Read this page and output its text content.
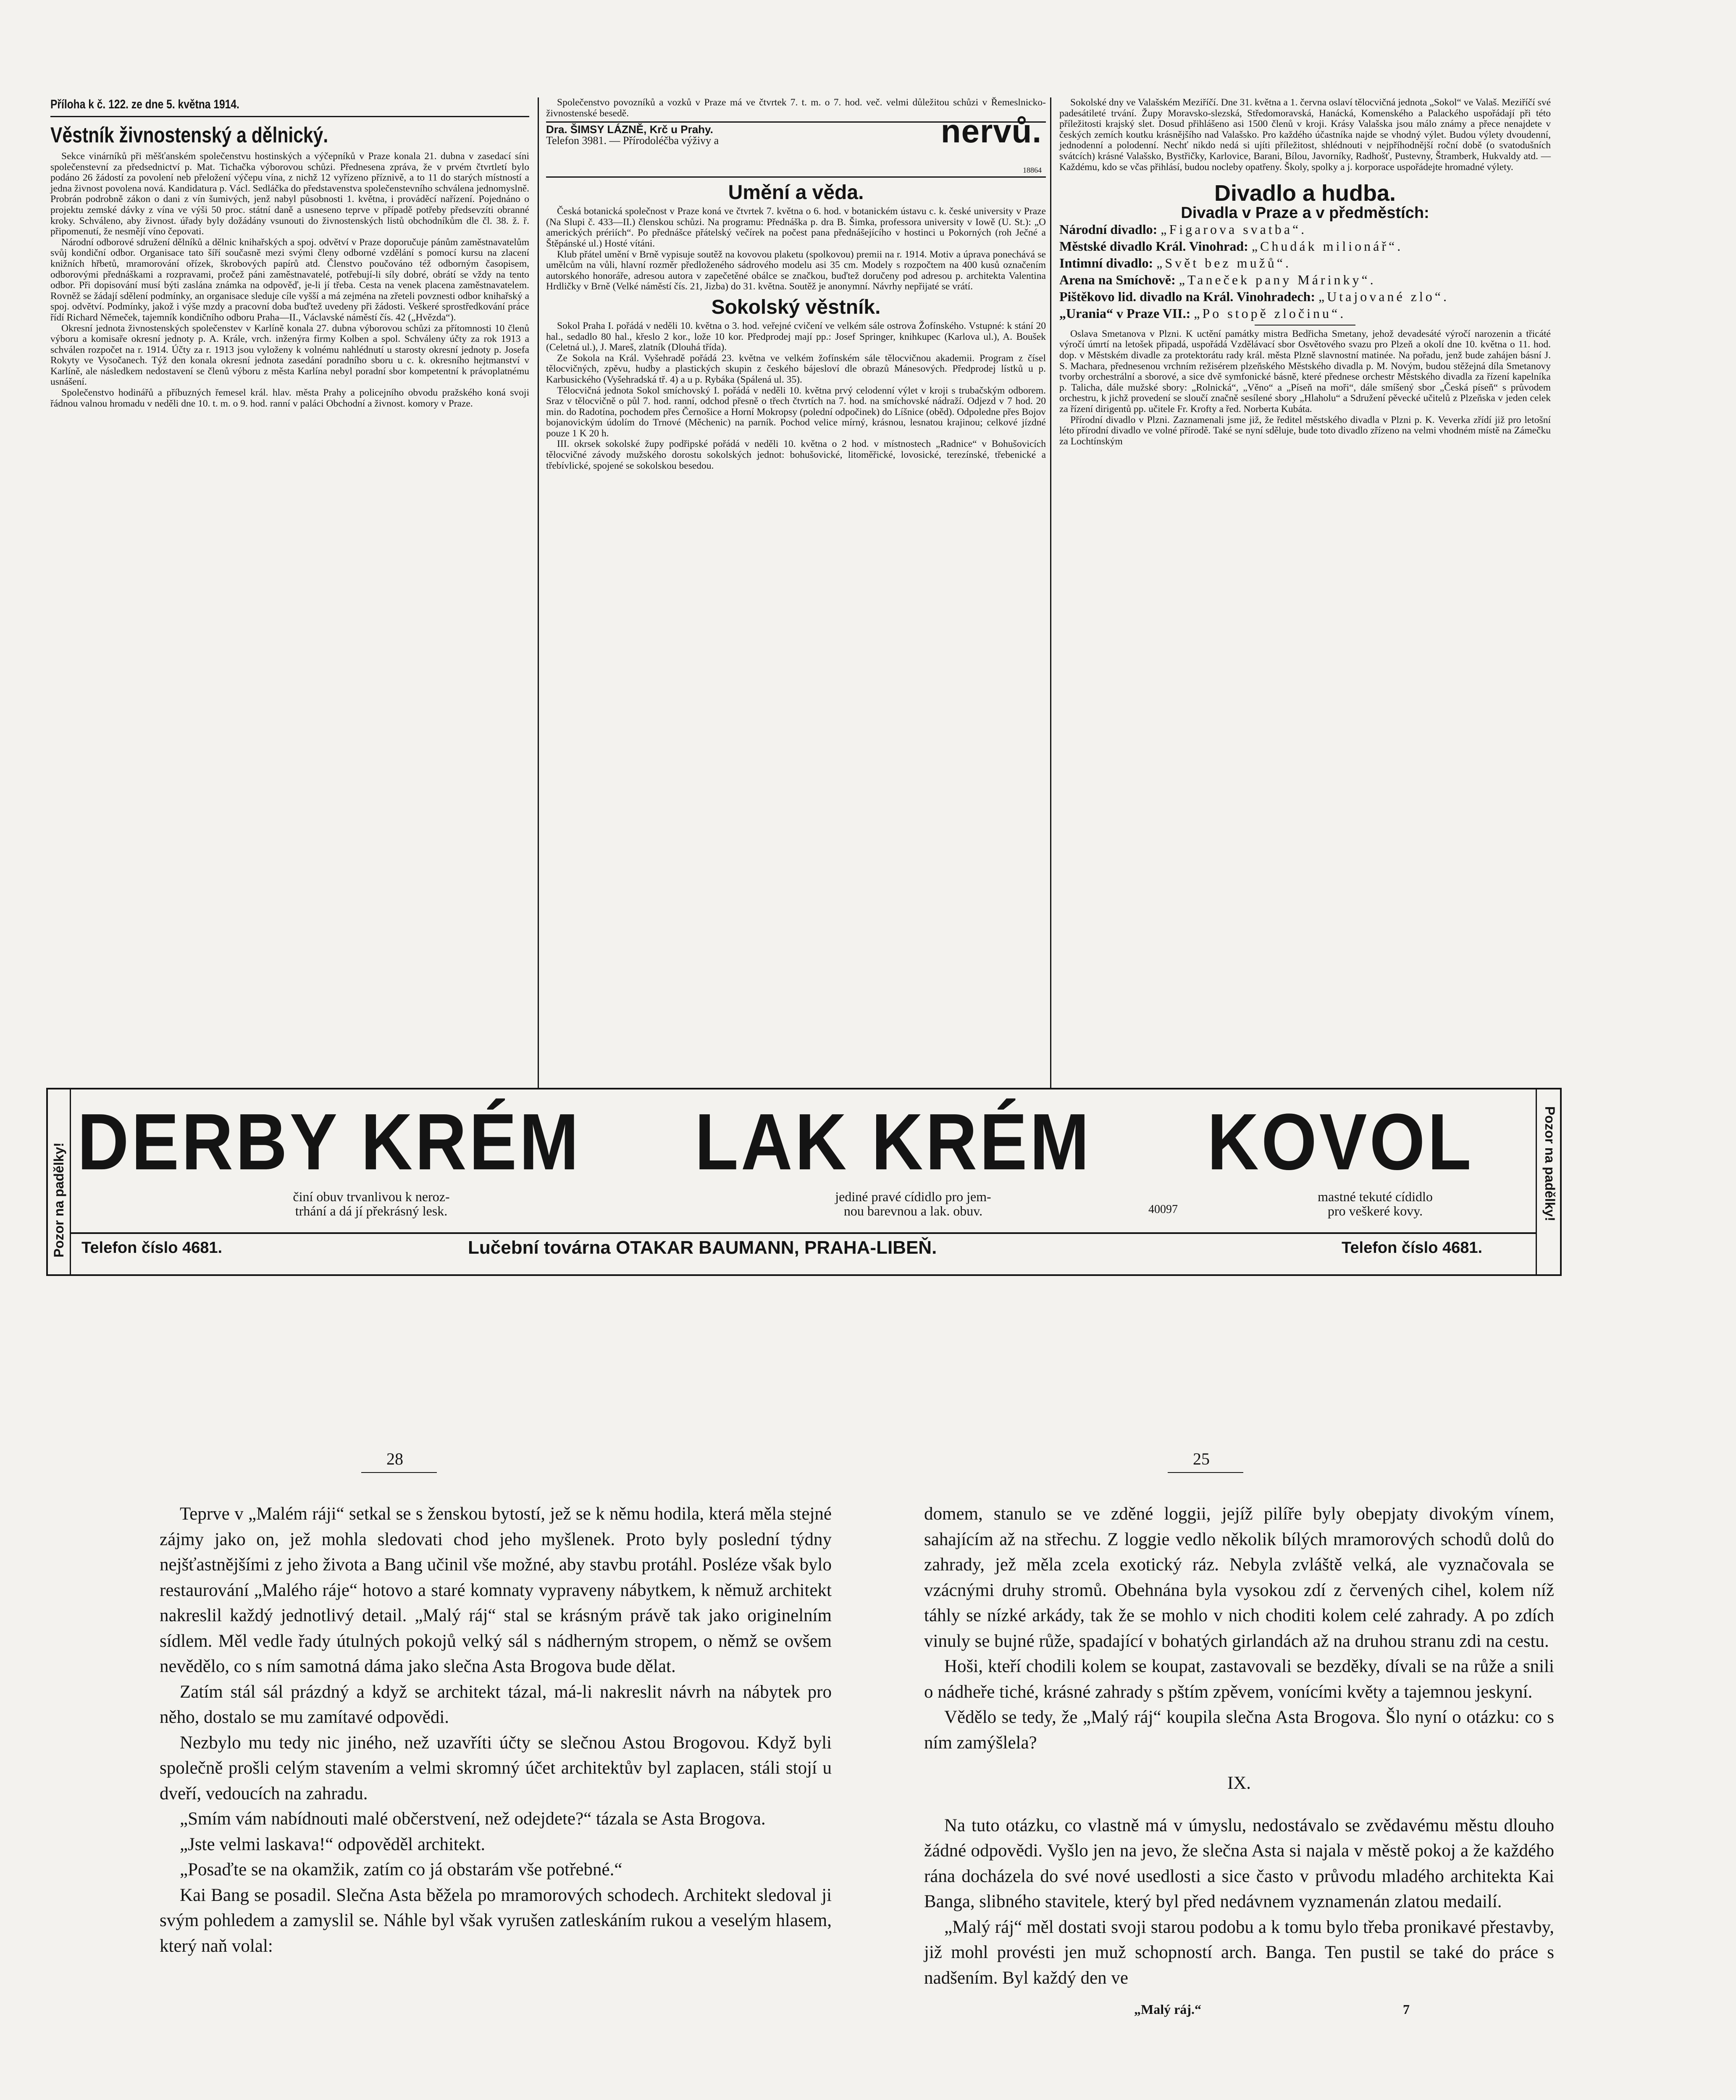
Příloha k č. 122. ze dne 5. května 1914.
Věstník živnostenský a dělnický.

Sekce vinárníků při měšťanském společenstvu hostinských a výčepníků v Praze konala 21. dubna v zasedací síni společenstevní za předsednictví p. Mat. Tichačka výborovou schůzi. Přednesena zpráva, že v prvém čtvrtletí bylo podáno 26 žádostí za povolení neb přeložení výčepu vína, z nichž 12 vyřízeno příznivě, a to 11 do starých místností a jedna živnost povolena nová. Kandidatura p. Václ. Sedláčka do představenstva společenstevního schválena jednomyslně. Probrán podrobně zákon o dani z vín šumivých, jenž nabyl působnosti 1. května, i prováděcí nařízení. Pojednáno o projektu zemské dávky z vína ve výši 50 proc. státní daně a usneseno teprve v případě potřeby předsevzíti obranné kroky. Schváleno, aby živnost. úřady byly dožádány vsunouti do živnostenských listů obchodníkům dle čl. 38. ž. ř. připomenutí, že nesmějí víno čepovati.

Národní odborové sdružení dělníků a dělnic knihařských a spoj. odvětví v Praze doporučuje pánům zaměstnavatelům svůj kondiční odbor. Organisace tato šíří současně mezi svými členy odborné vzdělání s pomocí kursu na zlacení knižních hřbetů, mramorování ořízek, škrobových papírů atd. Členstvo poučováno též odborným časopisem, odborovými přednáškami a rozpravami, pročež páni zaměstnavatelé, potřebují-li síly dobré, obrátí se vždy na tento odbor. Při dopisování musí býti zaslána známka na odpověď, je-li jí třeba. Cesta na venek placena zaměstnavatelem. Rovněž se žádají sdělení podmínky, an organisace sleduje cíle vyšší a má zejména na zřeteli povznesti odbor knihařský a spoj. odvětví. Podmínky, jakož i výše mzdy a pracovní doba buďtež uvedeny při žádosti. Veškeré sprostředkování práce řídí Richard Němeček, tajemník kondičního odboru Praha—II., Václavské náměstí čís. 42 („Hvězda“).

Okresní jednota živnostenských společenstev v Karlíně konala 27. dubna výborovou schůzi za přítomnosti 10 členů výboru a komisaře okresní jednoty p. A. Krále, vrch. inženýra firmy Kolben a spol. Schváleny účty za rok 1913 a schválen rozpočet na r. 1914. Účty za r. 1913 jsou vyloženy k volnému nahlédnutí u starosty okresní jednoty p. Josefa Rokyty ve Vysočanech. Týž den konala okresní jednota zasedání poradního sboru u c. k. okresního hejtmanství v Karlíně, ale následkem nedostavení se členů výboru z města Karlína nebyl poradní sbor kompetentní k právoplatnému usnášení.

Společenstvo hodinářů a příbuzných řemesel král. hlav. města Prahy a policejního obvodu pražského koná svoji řádnou valnou hromadu v neděli dne 10. t. m. o 9. hod. ranní v paláci Obchodní a živnost. komory v Praze.

Společenstvo povozníků a vozků v Praze má ve čtvrtek 7. t. m. o 7. hod. več. velmi důležitou schůzi v Řemeslnicko-živnostenské besedě.

Dra. ŠIMSY LÁZNĚ, Krč u Prahy.
Telefon 3981. — Přírodoléčba výživy a	nervů.
18864
Umění a věda.

Česká botanická společnost v Praze koná ve čtvrtek 7. května o 6. hod. v botanickém ústavu c. k. české university v Praze (Na Slupi č. 433—II.) členskou schůzi. Na programu: Přednáška p. dra B. Šimka, professora university v Iowě (U. St.): „O amerických prériích“. Po přednášce přátelský večírek na počest pana přednášejícího v hostinci u Pokorných (roh Ječné a Štěpánské ul.) Hosté vítáni.

Klub přátel umění v Brně vypisuje soutěž na kovovou plaketu (spolkovou) premii na r. 1914. Motiv a úprava ponechává se umělcům na vůli, hlavní rozměr předloženého sádrového modelu asi 35 cm. Modely s rozpočtem na 400 kusů označením autorského honoráře, adresou autora v zapečetěné obálce se značkou, buďtež doručeny pod adresou p. architekta Valentina Hrdličky v Brně (Velké náměstí čís. 21, Jizba) do 31. května. Soutěž je anonymní. Návrhy nepřijaté se vrátí.

Sokolský věstník.

Sokol Praha I. pořádá v neděli 10. května o 3. hod. veřejné cvičení ve velkém sále ostrova Žofínského. Vstupné: k stání 20 hal., sedadlo 80 hal., křeslo 2 kor., lože 10 kor. Předprodej mají pp.: Josef Springer, knihkupec (Karlova ul.), A. Boušek (Celetná ul.), J. Mareš, zlatník (Dlouhá třída).

Ze Sokola na Král. Vyšehradě pořádá 23. května ve velkém žofínském sále tělocvičnou akademii. Program z čísel tělocvičných, zpěvu, hudby a plastických skupin z českého bájesloví dle obrazů Mánesových. Předprodej lístků u p. Karbusického (Vyšehradská tř. 4) a u p. Rybáka (Spálená ul. 35).

Tělocvičná jednota Sokol smíchovský I. pořádá v neděli 10. května prvý celodenní výlet v kroji s trubačským odborem. Sraz v tělocvičně o půl 7. hod. ranní, odchod přesně o třech čtvrtích na 7. hod. na smíchovské nádraží. Odjezd v 7 hod. 20 min. do Radotína, pochodem přes Černošice a Horní Mokropsy (polední odpočinek) do Líšnice (oběd). Odpoledne přes Bojov bojanovickým údolím do Trnové (Měchenic) na parník. Pochod velice mírný, krásnou, lesnatou krajinou; celkové jízdné pouze 1 K 20 h.

III. okrsek sokolské župy podřipské pořádá v neděli 10. května o 2 hod. v místnostech „Radnice“ v Bohušovicích tělocvičné závody mužského dorostu sokolských jednot: bohušovické, litoměřické, lovosické, terezínské, třebenické a třebívlické, spojené se sokolskou besedou.

Sokolské dny ve Valašském Meziříčí. Dne 31. května a 1. června oslaví tělocvičná jednota „Sokol“ ve Valaš. Meziříčí své padesátileté trvání. Župy Moravsko-slezská, Středomoravská, Hanácká, Komenského a Palackého uspořádají při této příležitosti krajský slet. Dosud přihlášeno asi 1500 členů v kroji. Krásy Valašska jsou málo známy a přece nenajdete v českých zemích koutku krásnějšího nad Valašsko. Pro každého účastníka najde se vhodný výlet. Budou výlety dvoudenní, jednodenní a polodenní. Nechť nikdo nedá si ujíti příležitost, shlédnouti v nejpříhodnější roční době (o svatodušních svátcích) krásné Valašsko, Bystřičky, Karlovice, Barani, Bílou, Javorníky, Radhošť, Pustevny, Štramberk, Hukvaldy atd. — Každému, kdo se včas přihlásí, budou nocleby opatřeny. Školy, spolky a j. korporace uspořádejte hromadné výlety.

Divadlo a hudba.
Divadla v Praze a v předměstích:
Národní divadlo: „Figarova svatba“.
Městské divadlo Král. Vinohrad: „Chudák milionář“.
Intimní divadlo: „Svět bez mužů“.
Arena na Smíchově: „Taneček pany Márinky“.
Pištěkovo lid. divadlo na Král. Vinohradech: „Utajované zlo“.
„Urania“ v Praze VII.: „Po stopě zločinu“.

Oslava Smetanova v Plzni. K uctění památky mistra Bedřicha Smetany, jehož devadesáté výročí narozenin a třicáté výročí úmrtí na letošek připadá, uspořádá Vzdělávací sbor Osvětového svazu pro Plzeň a okolí dne 10. května o 11. hod. dop. v Městském divadle za protektorátu rady král. města Plzně slavnostní matinée. Na pořadu, jenž bude zahájen básní J. S. Machara, přednesenou vrchním režisérem plzeňského Městského divadla p. M. Novým, budou stěžejná díla Smetanovy tvorby orchestrální a sborové, a sice dvě symfonické básně, které přednese orchestr Městského divadla za řízení kapelníka p. Talicha, dále mužské sbory: „Rolnická“, „Věno“ a „Píseň na moři“, dále smíšený sbor „Česká píseň“ s průvodem orchestru, k jichž provedení se sloučí značně sesílené sbory „Hlaholu“ a Sdružení pěvecké učitelů z Plzeňska v jeden celek za řízení dirigentů pp. učitele Fr. Krofty a řed. Norberta Kubáta.

Přírodní divadlo v Plzni. Zaznamenali jsme již, že ředitel městského divadla v Plzni p. K. Veverka zřídí již pro letošní léto přírodní divadlo ve volné přírodě. Také se nyní sděluje, bude toto divadlo zřízeno na velmi vhodném místě na Zámečku za Lochtínským

Pozor na padělky!	Pozor na padělky!
DERBY KRÉM LAK KRÉM KOVOL
činí obuv trvanlivou k neroz-
trhání a dá jí překrásný lesk.
jediné pravé cídidlo pro jem-
nou barevnou a lak. obuv.	40097
mastné tekuté cídidlo
pro veškeré kovy.
Telefon číslo 4681.	Lučební továrna OTAKAR BAUMANN, PRAHA-LIBEŇ.	Telefon číslo 4681.
28

Teprve v „Malém ráji“ setkal se s ženskou bytostí, jež se k němu hodila, která měla stejné zájmy jako on, jež mohla sledovati chod jeho myšlenek. Proto byly poslední týdny nejšťastnějšími z jeho života a Bang učinil vše možné, aby stavbu protáhl. Posléze však bylo restaurování „Malého ráje“ hotovo a staré komnaty vypraveny nábytkem, k němuž architekt nakreslil každý jednotlivý detail. „Malý ráj“ stal se krásným právě tak jako originelním sídlem. Měl vedle řady útulných pokojů velký sál s nádherným stropem, o němž se ovšem nevědělo, co s ním samotná dáma jako slečna Asta Brogova bude dělat.

Zatím stál sál prázdný a když se architekt tázal, má-li nakreslit návrh na nábytek pro něho, dostalo se mu zamítavé odpovědi.

Nezbylo mu tedy nic jiného, než uzavříti účty se slečnou Astou Brogovou. Když byli společně prošli celým stavením a velmi skromný účet architektův byl zaplacen, stáli stojí u dveří, vedoucích na zahradu.

„Smím vám nabídnouti malé občerstvení, než odejdete?“ tázala se Asta Brogova.

„Jste velmi laskava!“ odpověděl architekt.

„Posaďte se na okamžik, zatím co já obstarám vše potřebné.“

Kai Bang se posadil. Slečna Asta běžela po mramorových schodech. Architekt sledoval ji svým pohledem a zamyslil se. Náhle byl však vyrušen zatleskáním rukou a veselým hlasem, který naň volal:

25

domem, stanulo se ve zděné loggii, jejíž pilíře byly obepjaty divokým vínem, sahajícím až na střechu. Z loggie vedlo několik bílých mramorových schodů dolů do zahrady, jež měla zcela exotický ráz. Nebyla zvláště velká, ale vyznačovala se vzácnými druhy stromů. Obehnána byla vysokou zdí z červených cihel, kolem níž táhly se nízké arkády, tak že se mohlo v nich choditi kolem celé zahrady. A po zdích vinuly se bujné růže, spadající v bohatých girlandách až na druhou stranu zdi na cestu.

Hoši, kteří chodili kolem se koupat, zastavovali se bezděky, dívali se na růže a snili o nádheře tiché, krásné zahrady s pštím zpěvem, vonícími květy a tajemnou jeskyní.

Vědělo se tedy, že „Malý ráj“ koupila slečna Asta Brogova. Šlo nyní o otázku: co s ním zamýšlela?

IX.

Na tuto otázku, co vlastně má v úmyslu, nedostávalo se zvědavému městu dlouho žádné odpovědi. Vyšlo jen na jevo, že slečna Asta si najala v městě pokoj a že každého rána docházela do své nové usedlosti a sice často v průvodu mladého architekta Kai Banga, slibného stavitele, který byl před nedávnem vyznamenán zlatou medailí.

„Malý ráj“ měl dostati svoji starou podobu a k tomu bylo třeba pronikavé přestavby, již mohl provésti jen muž schopností arch. Banga. Ten pustil se také do práce s nadšením. Byl každý den ve

„Malý ráj.“	7
